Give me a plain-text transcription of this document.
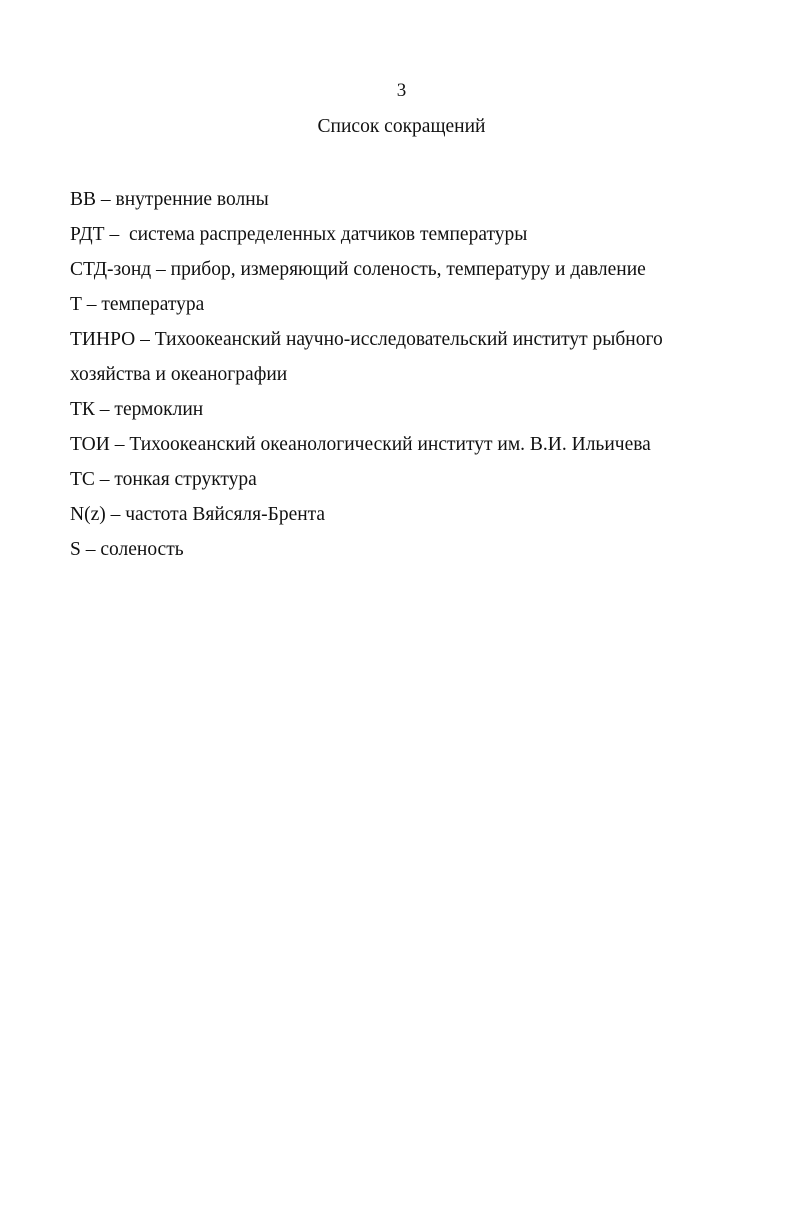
3
Список сокращений
ВВ – внутренние волны
РДТ –  система распределенных датчиков температуры
СТД-зонд – прибор, измеряющий соленость, температуру и давление
Т – температура
ТИНРО – Тихоокеанский научно-исследовательский институт рыбного
хозяйства и океанографии
ТК – термоклин
ТОИ – Тихоокеанский океанологический институт им. В.И. Ильичева
ТС – тонкая структура
N(z) – частота Вяйсяля-Брента
S – соленость
